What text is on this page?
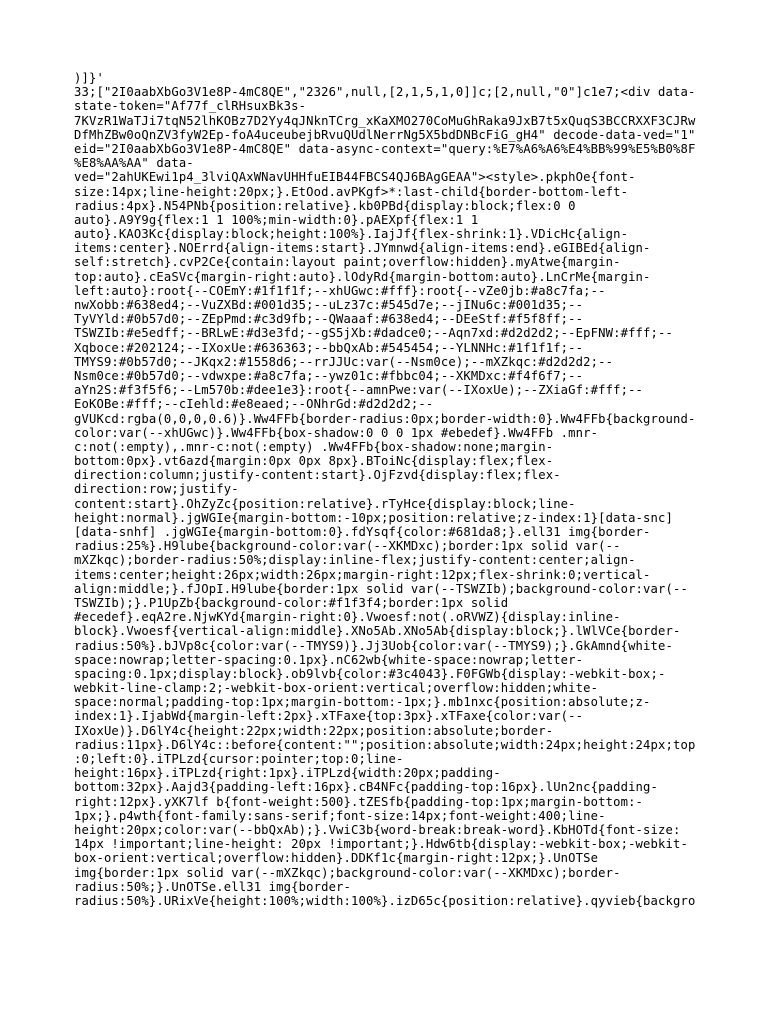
)]}'
33;["2I0aabXbGo3V1e8P-4mC8QE","2326",null,[2,1,5,1,0]]c;[2,null,"0"]c1e7;<div data-
state-token="Af77f_clRHsuxBk3s-
7KVzR1WaTJi7tqN52lhKOBz7D2Yy4qJNknTCrg_xKaXMO270CoMuGhRaka9JxB7t5xQuqS3BCCRXXF3CJRw
DfMhZBw0oQnZV3fyW2Ep-foA4uceubejbRvuQUdlNerrNg5X5bdDNBcFiG_gH4" decode-data-ved="1"
eid="2I0aabXbGo3V1e8P-4mC8QE" data-async-context="query:%E7%A6%A6%E4%BB%99%E5%B0%8F
%E8%AA%AA" data-
ved="2ahUKEwi1p4_3lviQAxWNavUHHfuEIB44FBCS4QJ6BAgGEAA"><style>.pkphOe{font-
size:14px;line-height:20px;}.EtOod.avPKgf>*:last-child{border-bottom-left-
radius:4px}.N54PNb{position:relative}.kb0PBd{display:block;flex:0 0
auto}.A9Y9g{flex:1 1 100%;min-width:0}.pAEXpf{flex:1 1
auto}.KAO3Kc{display:block;height:100%}.IajJf{flex-shrink:1}.VDicHc{align-
items:center}.NOErrd{align-items:start}.JYmnwd{align-items:end}.eGIBEd{align-
self:stretch}.cvP2Ce{contain:layout paint;overflow:hidden}.myAtwe{margin-
top:auto}.cEaSVc{margin-right:auto}.lOdyRd{margin-bottom:auto}.LnCrMe{margin-
left:auto}:root{--COEmY:#1f1f1f;--xhUGwc:#fff}:root{--vZe0jb:#a8c7fa;--
nwXobb:#638ed4;--VuZXBd:#001d35;--uLz37c:#545d7e;--jINu6c:#001d35;--
TyVYld:#0b57d0;--ZEpPmd:#c3d9fb;--QWaaaf:#638ed4;--DEeStf:#f5f8ff;--
TSWZIb:#e5edff;--BRLwE:#d3e3fd;--gS5jXb:#dadce0;--Aqn7xd:#d2d2d2;--EpFNW:#fff;--
Xqboce:#202124;--IXoxUe:#636363;--bbQxAb:#545454;--YLNNHc:#1f1f1f;--
TMYS9:#0b57d0;--JKqx2:#1558d6;--rrJJUc:var(--Nsm0ce);--mXZkqc:#d2d2d2;--
Nsm0ce:#0b57d0;--vdwxpe:#a8c7fa;--ywz01c:#fbbc04;--XKMDxc:#f4f6f7;--
aYn2S:#f3f5f6;--Lm570b:#dee1e3}:root{--amnPwe:var(--IXoxUe);--ZXiaGf:#fff;--
EoKOBe:#fff;--cIehld:#e8eaed;--ONhrGd:#d2d2d2;--
gVUKcd:rgba(0,0,0,0.6)}.Ww4FFb{border-radius:0px;border-width:0}.Ww4FFb{background-
color:var(--xhUGwc)}.Ww4FFb{box-shadow:0 0 0 1px #ebedef}.Ww4FFb .mnr-
c:not(:empty),.mnr-c:not(:empty) .Ww4FFb{box-shadow:none;margin-
bottom:0px}.vt6azd{margin:0px 0px 8px}.BToiNc{display:flex;flex-
direction:column;justify-content:start}.OjFzvd{display:flex;flex-
direction:row;justify-
content:start}.OhZyZc{position:relative}.rTyHce{display:block;line-
height:normal}.jgWGIe{margin-bottom:-10px;position:relative;z-index:1}[data-snc]
[data-snhf] .jgWGIe{margin-bottom:0}.fdYsqf{color:#681da8;}.ell31 img{border-
radius:25%}.H9lube{background-color:var(--XKMDxc);border:1px solid var(--
mXZkqc);border-radius:50%;display:inline-flex;justify-content:center;align-
items:center;height:26px;width:26px;margin-right:12px;flex-shrink:0;vertical-
align:middle;}.fJOpI.H9lube{border:1px solid var(--TSWZIb);background-color:var(--
TSWZIb);}.P1UpZb{background-color:#f1f3f4;border:1px solid
#ecedef}.eqA2re.NjwKYd{margin-right:0}.Vwoesf:not(.oRVWZ){display:inline-
block}.Vwoesf{vertical-align:middle}.XNo5Ab.XNo5Ab{display:block;}.lWlVCe{border-
radius:50%}.bJVp8c{color:var(--TMYS9)}.Jj3Uob{color:var(--TMYS9);}.GkAmnd{white-
space:nowrap;letter-spacing:0.1px}.nC62wb{white-space:nowrap;letter-
spacing:0.1px;display:block}.ob9lvb{color:#3c4043}.F0FGWb{display:-webkit-box;-
webkit-line-clamp:2;-webkit-box-orient:vertical;overflow:hidden;white-
space:normal;padding-top:1px;margin-bottom:-1px;}.mb1nxc{position:absolute;z-
index:1}.IjabWd{margin-left:2px}.xTFaxe{top:3px}.xTFaxe{color:var(--
IXoxUe)}.D6lY4c{height:22px;width:22px;position:absolute;border-
radius:11px}.D6lY4c::before{content:"";position:absolute;width:24px;height:24px;top
:0;left:0}.iTPLzd{cursor:pointer;top:0;line-
height:16px}.iTPLzd{right:1px}.iTPLzd{width:20px;padding-
bottom:32px}.Aajd3{padding-left:16px}.cB4NFc{padding-top:16px}.lUn2nc{padding-
right:12px}.yXK7lf b{font-weight:500}.tZESfb{padding-top:1px;margin-bottom:-
1px;}.p4wth{font-family:sans-serif;font-size:14px;font-weight:400;line-
height:20px;color:var(--bbQxAb);}.VwiC3b{word-break:break-word}.KbHOTd{font-size:
14px !important;line-height: 20px !important;}.Hdw6tb{display:-webkit-box;-webkit-
box-orient:vertical;overflow:hidden}.DDKf1c{margin-right:12px;}.UnOTSe
img{border:1px solid var(--mXZkqc);background-color:var(--XKMDxc);border-
radius:50%;}.UnOTSe.ell31 img{border-
radius:50%}.URixVe{height:100%;width:100%}.izD65c{position:relative}.qyvieb{backgro
